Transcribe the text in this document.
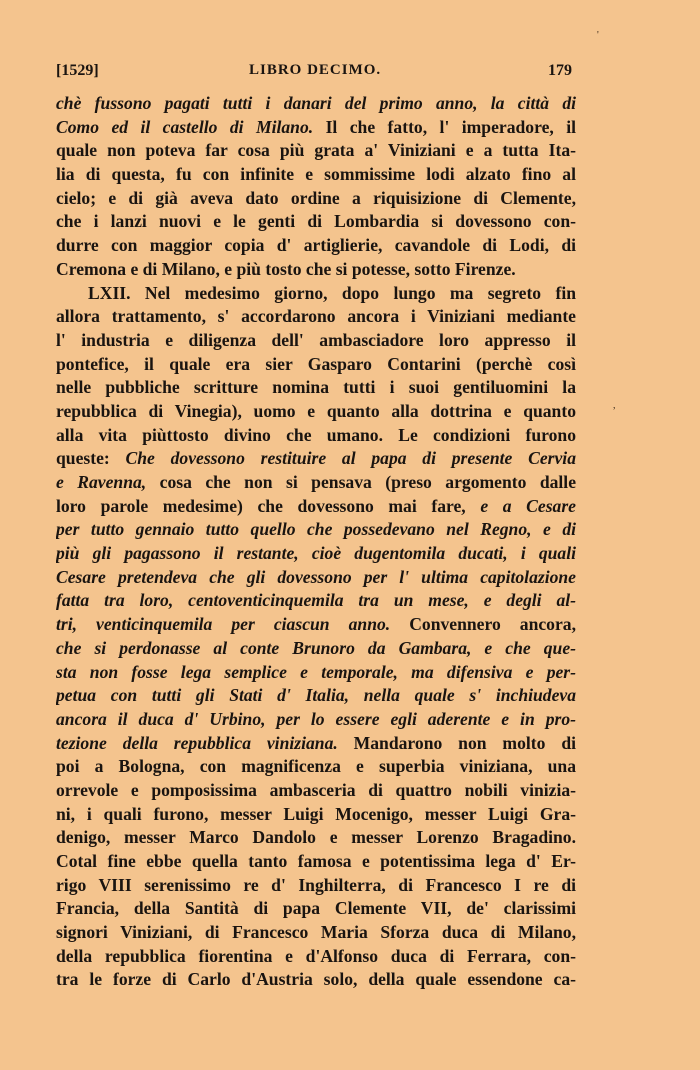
[1529]	LIBRO DECIMO.	179
chè fussono pagati tutti i danari del primo anno, la città di
Como ed il castello di Milano. Il che fatto, l' imperadore, il
quale non poteva far cosa più grata a' Viniziani e a tutta Ita-
lia di questa, fu con infinite e sommissime lodi alzato fino al
cielo; e di già aveva dato ordine a riquisizione di Clemente,
che i lanzi nuovi e le genti di Lombardia si dovessono con-
durre con maggior copia d' artiglierie, cavandole di Lodi, di
Cremona e di Milano, e più tosto che si potesse, sotto Firenze.
LXII. Nel medesimo giorno, dopo lungo ma segreto fin
allora trattamento, s' accordarono ancora i Viniziani mediante
l' industria e diligenza dell' ambasciadore loro appresso il
pontefice, il quale era sier Gasparo Contarini (perchè così
nelle pubbliche scritture nomina tutti i suoi gentiluomini la
repubblica di Vinegia), uomo e quanto alla dottrina e quanto
alla vita piùttosto divino che umano. Le condizioni furono
queste: Che dovessono restituire al papa di presente Cervia
e Ravenna, cosa che non si pensava (preso argomento dalle
loro parole medesime) che dovessono mai fare, e a Cesare
per tutto gennaio tutto quello che possedevano nel Regno, e di
più gli pagassono il restante, cioè dugentomila ducati, i quali
Cesare pretendeva che gli dovessono per l' ultima capitolazione
fatta tra loro, centoventicinquemila tra un mese, e degli al-
tri, venticinquemila per ciascun anno. Convennero ancora,
che si perdonasse al conte Brunoro da Gambara, e che que-
sta non fosse lega semplice e temporale, ma difensiva e per-
petua con tutti gli Stati d' Italia, nella quale s' inchiudeva
ancora il duca d' Urbino, per lo essere egli aderente e in pro-
tezione della repubblica viniziana. Mandarono non molto di
poi a Bologna, con magnificenza e superbia viniziana, una
orrevole e pomposissima ambasceria di quattro nobili vinizia-
ni, i quali furono, messer Luigi Mocenigo, messer Luigi Gra-
denigo, messer Marco Dandolo e messer Lorenzo Bragadino.
Cotal fine ebbe quella tanto famosa e potentissima lega d' Er-
rigo VIII serenissimo re d' Inghilterra, di Francesco I re di
Francia, della Santità di papa Clemente VII, de' clarissimi
signori Viniziani, di Francesco Maria Sforza duca di Milano,
della repubblica fiorentina e d'Alfonso duca di Ferrara, con-
tra le forze di Carlo d'Austria solo, della quale essendone ca-
'
,
